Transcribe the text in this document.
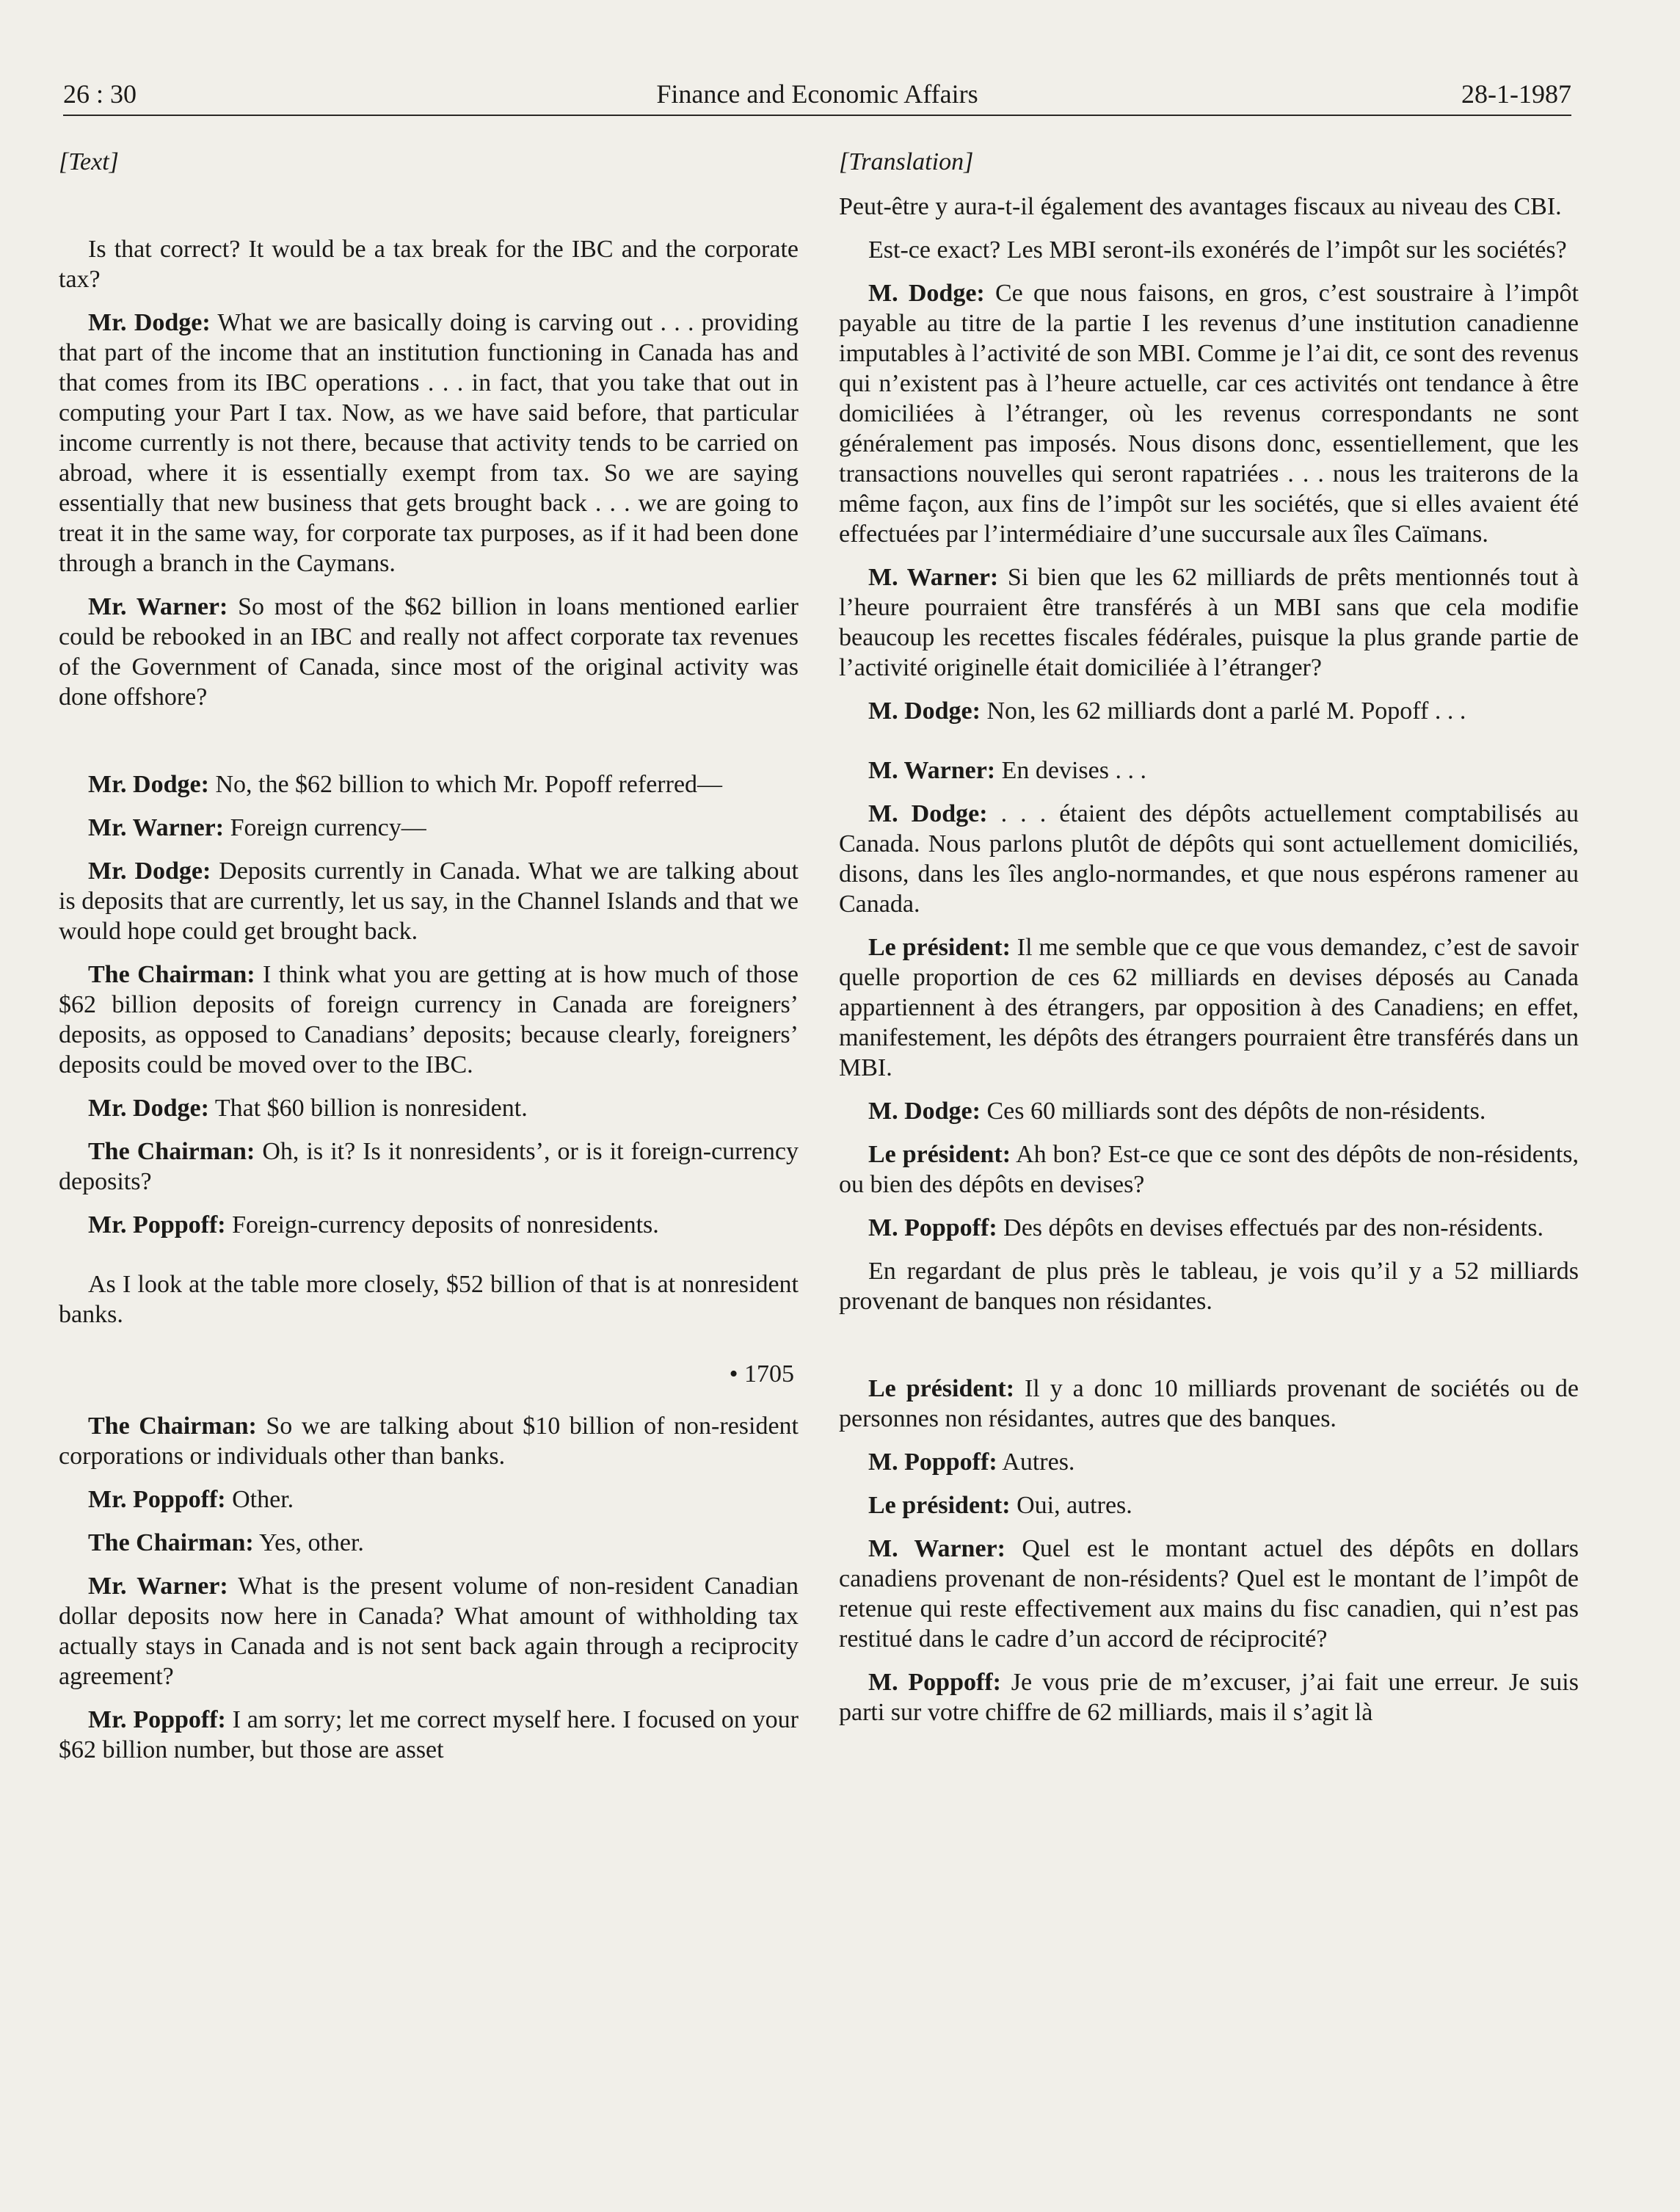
26 : 30	Finance and Economic Affairs	28-1-1987

[Text]

Is that correct? It would be a tax break for the IBC and the corporate tax?

Mr. Dodge: What we are basically doing is carving out . . . providing that part of the income that an institution functioning in Canada has and that comes from its IBC operations . . . in fact, that you take that out in computing your Part I tax. Now, as we have said before, that particular income currently is not there, because that activity tends to be carried on abroad, where it is essentially exempt from tax. So we are saying essentially that new business that gets brought back . . . we are going to treat it in the same way, for corporate tax purposes, as if it had been done through a branch in the Caymans.

Mr. Warner: So most of the $62 billion in loans mentioned earlier could be rebooked in an IBC and really not affect corporate tax revenues of the Government of Canada, since most of the original activity was done offshore?

Mr. Dodge: No, the $62 billion to which Mr. Popoff referred—

Mr. Warner: Foreign currency—

Mr. Dodge: Deposits currently in Canada. What we are talking about is deposits that are currently, let us say, in the Channel Islands and that we would hope could get brought back.

The Chairman: I think what you are getting at is how much of those $62 billion deposits of foreign currency in Canada are foreigners’ deposits, as opposed to Canadians’ deposits; because clearly, foreigners’ deposits could be moved over to the IBC.

Mr. Dodge: That $60 billion is nonresident.

The Chairman: Oh, is it? Is it nonresidents’, or is it foreign-currency deposits?

Mr. Poppoff: Foreign-currency deposits of nonresidents.

As I look at the table more closely, $52 billion of that is at nonresident banks.

• 1705

The Chairman: So we are talking about $10 billion of non-resident corporations or individuals other than banks.

Mr. Poppoff: Other.

The Chairman: Yes, other.

Mr. Warner: What is the present volume of non-resident Canadian dollar deposits now here in Canada? What amount of withholding tax actually stays in Canada and is not sent back again through a reciprocity agreement?

Mr. Poppoff: I am sorry; let me correct myself here. I focused on your $62 billion number, but those are asset

[Translation]

Peut-être y aura-t-il également des avantages fiscaux au niveau des CBI.

Est-ce exact? Les MBI seront-ils exonérés de l’impôt sur les sociétés?

M. Dodge: Ce que nous faisons, en gros, c’est soustraire à l’impôt payable au titre de la partie I les revenus d’une institution canadienne imputables à l’activité de son MBI. Comme je l’ai dit, ce sont des revenus qui n’existent pas à l’heure actuelle, car ces activités ont tendance à être domiciliées à l’étranger, où les revenus correspondants ne sont généralement pas imposés. Nous disons donc, essentiellement, que les transactions nouvelles qui seront rapatriées . . . nous les traiterons de la même façon, aux fins de l’impôt sur les sociétés, que si elles avaient été effectuées par l’intermédiaire d’une succursale aux îles Caïmans.

M. Warner: Si bien que les 62 milliards de prêts mentionnés tout à l’heure pourraient être transférés à un MBI sans que cela modifie beaucoup les recettes fiscales fédérales, puisque la plus grande partie de l’activité originelle était domiciliée à l’étranger?

M. Dodge: Non, les 62 milliards dont a parlé M. Popoff . . .

M. Warner: En devises . . .

M. Dodge: . . . étaient des dépôts actuellement comptabilisés au Canada. Nous parlons plutôt de dépôts qui sont actuellement domiciliés, disons, dans les îles anglo-normandes, et que nous espérons ramener au Canada.

Le président: Il me semble que ce que vous demandez, c’est de savoir quelle proportion de ces 62 milliards en devises déposés au Canada appartiennent à des étrangers, par opposition à des Canadiens; en effet, manifestement, les dépôts des étrangers pourraient être transférés dans un MBI.

M. Dodge: Ces 60 milliards sont des dépôts de non-résidents.

Le président: Ah bon? Est-ce que ce sont des dépôts de non-résidents, ou bien des dépôts en devises?

M. Poppoff: Des dépôts en devises effectués par des non-résidents.

En regardant de plus près le tableau, je vois qu’il y a 52 milliards provenant de banques non résidantes.

Le président: Il y a donc 10 milliards provenant de sociétés ou de personnes non résidantes, autres que des banques.

M. Poppoff: Autres.

Le président: Oui, autres.

M. Warner: Quel est le montant actuel des dépôts en dollars canadiens provenant de non-résidents? Quel est le montant de l’impôt de retenue qui reste effectivement aux mains du fisc canadien, qui n’est pas restitué dans le cadre d’un accord de réciprocité?

M. Poppoff: Je vous prie de m’excuser, j’ai fait une erreur. Je suis parti sur votre chiffre de 62 milliards, mais il s’agit là
